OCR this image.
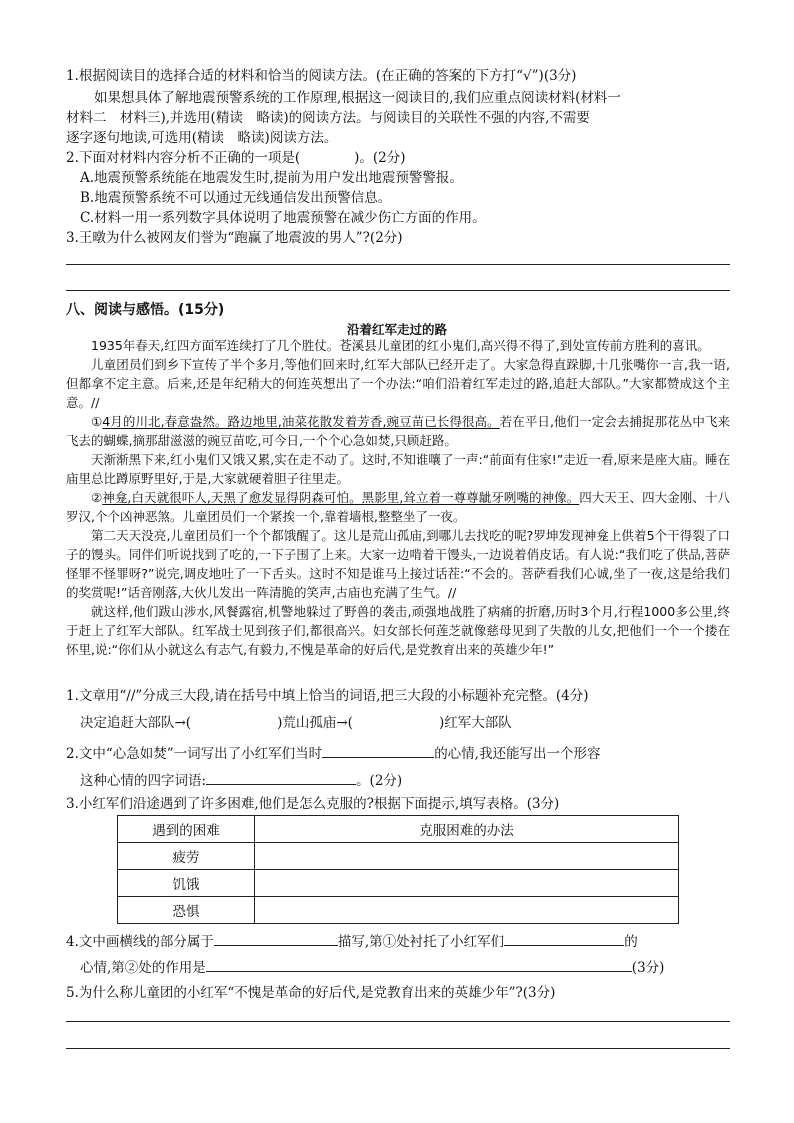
1.根据阅读目的选择合适的材料和恰当的阅读方法。(在正确的答案的下方打“√”)(3分)
如果想具体了解地震预警系统的工作原理,根据这一阅读目的,我们应重点阅读材料(材料一
材料二　材料三),并选用(精读　略读)的阅读方法。与阅读目的关联性不强的内容,不需要
逐字逐句地读,可选用(精读　略读)阅读方法。
2.下面对材料内容分析不正确的一项是(　　　　)。(2分)
A.地震预警系统能在地震发生时,提前为用户发出地震预警警报。
B.地震预警系统不可以通过无线通信发出预警信息。
C.材料一用一系列数字具体说明了地震预警在减少伤亡方面的作用。
3.王暾为什么被网友们誉为“跑赢了地震波的男人”?(2分)
八、阅读与感悟。(15分)
沿着红军走过的路

1935年春天,红四方面军连续打了几个胜仗。苍溪县儿童团的红小鬼们,高兴得不得了,到处宣传前方胜利的喜讯。

儿童团员们到乡下宣传了半个多月,等他们回来时,红军大部队已经开走了。大家急得直跺脚,十几张嘴你一言,我一语,但都拿不定主意。后来,还是年纪稍大的何连英想出了一个办法:“咱们沿着红军走过的路,追赶大部队。”大家都赞成这个主意。//

①4月的川北,春意盎然。路边地里,油菜花散发着芳香,豌豆苗已长得很高。若在平日,他们一定会去捕捉那花丛中飞来飞去的蝴蝶,摘那甜滋滋的豌豆苗吃,可今日,一个个心急如焚,只顾赶路。

天渐渐黑下来,红小鬼们又饿又累,实在走不动了。这时,不知谁嚷了一声:“前面有住家!”走近一看,原来是座大庙。睡在庙里总比蹲原野里好,于是,大家就硬着胆子往里走。

②神龛,白天就很吓人,天黑了愈发显得阴森可怕。黑影里,耸立着一尊尊龇牙咧嘴的神像。四大天王、四大金刚、十八罗汉,个个凶神恶煞。儿童团员们一个紧挨一个,靠着墙根,整整坐了一夜。

第二天天没亮,儿童团员们一个个都饿醒了。这儿是荒山孤庙,到哪儿去找吃的呢?罗坤发现神龛上供着5个干得裂了口子的馒头。同伴们听说找到了吃的,一下子围了上来。大家一边啃着干馒头,一边说着俏皮话。有人说:“我们吃了供品,菩萨怪罪不怪罪呀?”说完,调皮地吐了一下舌头。这时不知是谁马上接过话茬:“不会的。菩萨看我们心诚,坐了一夜,这是给我们的奖赏呢!”话音刚落,大伙儿发出一阵清脆的笑声,古庙也充满了生气。//

就这样,他们跋山涉水,风餐露宿,机警地躲过了野兽的袭击,顽强地战胜了病痛的折磨,历时3个月,行程1000多公里,终于赶上了红军大部队。红军战士见到孩子们,都很高兴。妇女部长何莲芝就像慈母见到了失散的儿女,把他们一个一个搂在怀里,说:“你们从小就这么有志气,有毅力,不愧是革命的好后代,是党教育出来的英雄少年!”

1.文章用“//”分成三大段,请在括号中填上恰当的词语,把三大段的小标题补充完整。(4分)
决定追赶大部队→(	)荒山孤庙→(	)红军大部队
2.文中“心急如焚”一词写出了小红军们当时	的心情,我还能写出一个形容
这种心情的四字词语:	。(2分)
3.小红军们沿途遇到了许多困难,他们是怎么克服的?根据下面提示,填写表格。(3分)
遇到的困难	克服困难的办法
疲劳	
饥饿	
恐惧	
4.文中画横线的部分属于	描写,第①处衬托了小红军们	的
心情,第②处的作用是	(3分)
5.为什么称儿童团的小红军“不愧是革命的好后代,是党教育出来的英雄少年”?(3分)
